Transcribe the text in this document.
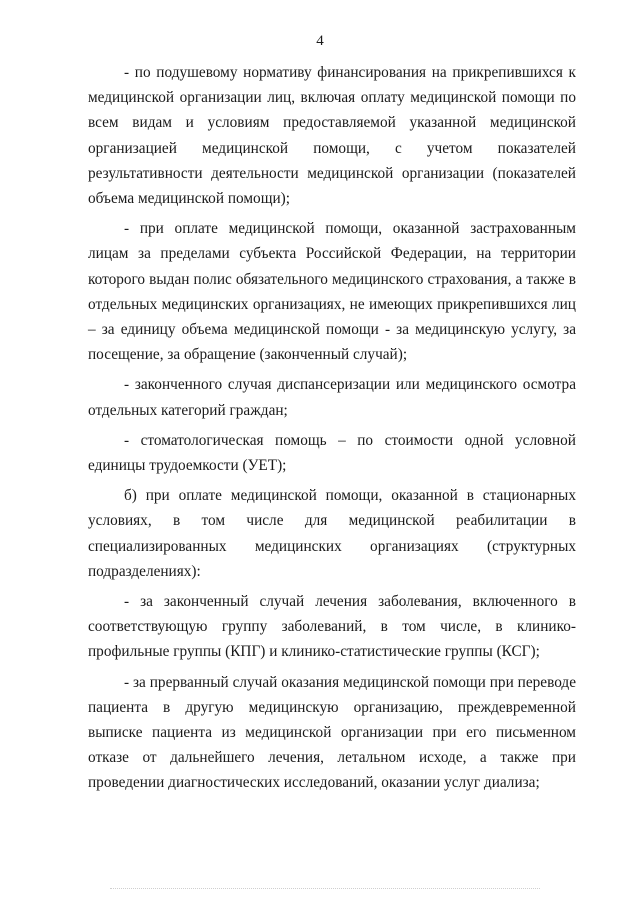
4

- по подушевому нормативу финансирования на прикрепившихся к медицинской организации лиц, включая оплату медицинской помощи по всем видам и условиям предоставляемой указанной медицинской организацией медицинской помощи, с учетом показателей результативности деятельности медицинской организации (показателей объема медицинской помощи);

- при оплате медицинской помощи, оказанной застрахованным лицам за пределами субъекта Российской Федерации, на территории которого выдан полис обязательного медицинского страхования, а также в отдельных медицинских организациях, не имеющих прикрепившихся лиц – за единицу объема медицинской помощи - за медицинскую услугу, за посещение, за обращение (законченный случай);

- законченного случая диспансеризации или медицинского осмотра отдельных категорий граждан;

- стоматологическая помощь – по стоимости одной условной единицы трудоемкости (УЕТ);

б) при оплате медицинской помощи, оказанной в стационарных условиях, в том числе для медицинской реабилитации в специализированных медицинских организациях (структурных подразделениях):

- за законченный случай лечения заболевания, включенного в соответствующую группу заболеваний, в том числе, в клинико-профильные группы (КПГ) и клинико-статистические группы (КСГ);

- за прерванный случай оказания медицинской помощи при переводе пациента в другую медицинскую организацию, преждевременной выписке пациента из медицинской организации при его письменном отказе от дальнейшего лечения, летальном исходе, а также при проведении диагностических исследований, оказании услуг диализа;
